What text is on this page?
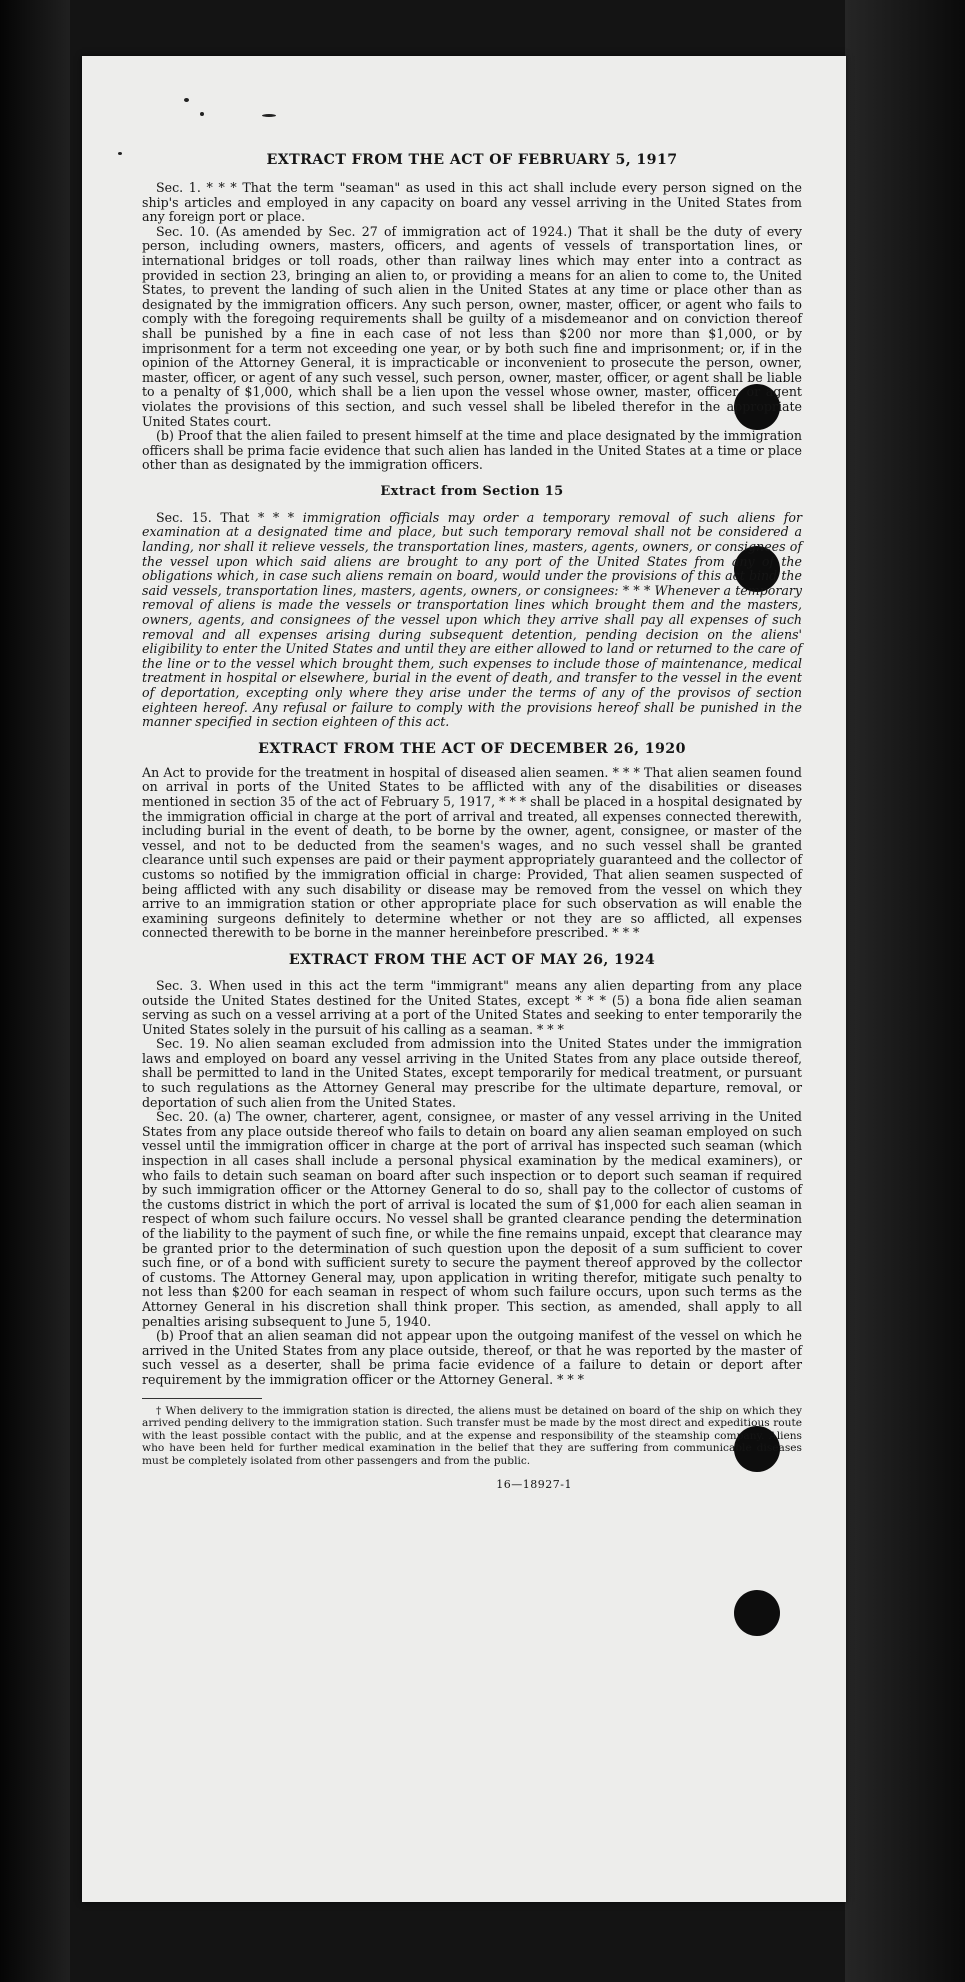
EXTRACT FROM THE ACT OF FEBRUARY 5, 1917

Sec. 1. * * * That the term "seaman" as used in this act shall include every person signed on the ship's articles and employed in any capacity on board any vessel arriving in the United States from any foreign port or place.

Sec. 10. (As amended by Sec. 27 of immigration act of 1924.) That it shall be the duty of every person, including owners, masters, officers, and agents of vessels of transportation lines, or international bridges or toll roads, other than railway lines which may enter into a contract as provided in section 23, bringing an alien to, or providing a means for an alien to come to, the United States, to prevent the landing of such alien in the United States at any time or place other than as designated by the immigration officers. Any such person, owner, master, officer, or agent who fails to comply with the foregoing requirements shall be guilty of a misdemeanor and on conviction thereof shall be punished by a fine in each case of not less than $200 nor more than $1,000, or by imprisonment for a term not exceeding one year, or by both such fine and imprisonment; or, if in the opinion of the Attorney General, it is impracticable or inconvenient to prosecute the person, owner, master, officer, or agent of any such vessel, such person, owner, master, officer, or agent shall be liable to a penalty of $1,000, which shall be a lien upon the vessel whose owner, master, officer, or agent violates the provisions of this section, and such vessel shall be libeled therefor in the appropriate United States court.

(b) Proof that the alien failed to present himself at the time and place designated by the immigration officers shall be prima facie evidence that such alien has landed in the United States at a time or place other than as designated by the immigration officers.

Extract from Section 15

Sec. 15. That * * * immigration officials may order a temporary removal of such aliens for examination at a designated time and place, but such temporary removal shall not be considered a landing, nor shall it relieve vessels, the transportation lines, masters, agents, owners, or consignees of the vessel upon which said aliens are brought to any port of the United States from any of the obligations which, in case such aliens remain on board, would under the provisions of this act bind the said vessels, transportation lines, masters, agents, owners, or consignees: * * * Whenever a temporary removal of aliens is made the vessels or transportation lines which brought them and the masters, owners, agents, and consignees of the vessel upon which they arrive shall pay all expenses of such removal and all expenses arising during subsequent detention, pending decision on the aliens' eligibility to enter the United States and until they are either allowed to land or returned to the care of the line or to the vessel which brought them, such expenses to include those of maintenance, medical treatment in hospital or elsewhere, burial in the event of death, and transfer to the vessel in the event of deportation, excepting only where they arise under the terms of any of the provisos of section eighteen hereof. Any refusal or failure to comply with the provisions hereof shall be punished in the manner specified in section eighteen of this act.

EXTRACT FROM THE ACT OF DECEMBER 26, 1920

An Act to provide for the treatment in hospital of diseased alien seamen. * * * That alien seamen found on arrival in ports of the United States to be afflicted with any of the disabilities or diseases mentioned in section 35 of the act of February 5, 1917, * * * shall be placed in a hospital designated by the immigration official in charge at the port of arrival and treated, all expenses connected therewith, including burial in the event of death, to be borne by the owner, agent, consignee, or master of the vessel, and not to be deducted from the seamen's wages, and no such vessel shall be granted clearance until such expenses are paid or their payment appropriately guaranteed and the collector of customs so notified by the immigration official in charge: Provided, That alien seamen suspected of being afflicted with any such disability or disease may be removed from the vessel on which they arrive to an immigration station or other appropriate place for such observation as will enable the examining surgeons definitely to determine whether or not they are so afflicted, all expenses connected therewith to be borne in the manner hereinbefore prescribed. * * *

EXTRACT FROM THE ACT OF MAY 26, 1924

Sec. 3. When used in this act the term "immigrant" means any alien departing from any place outside the United States destined for the United States, except * * * (5) a bona fide alien seaman serving as such on a vessel arriving at a port of the United States and seeking to enter temporarily the United States solely in the pursuit of his calling as a seaman. * * *

Sec. 19. No alien seaman excluded from admission into the United States under the immigration laws and employed on board any vessel arriving in the United States from any place outside thereof, shall be permitted to land in the United States, except temporarily for medical treatment, or pursuant to such regulations as the Attorney General may prescribe for the ultimate departure, removal, or deportation of such alien from the United States.

Sec. 20. (a) The owner, charterer, agent, consignee, or master of any vessel arriving in the United States from any place outside thereof who fails to detain on board any alien seaman employed on such vessel until the immigration officer in charge at the port of arrival has inspected such seaman (which inspection in all cases shall include a personal physical examination by the medical examiners), or who fails to detain such seaman on board after such inspection or to deport such seaman if required by such immigration officer or the Attorney General to do so, shall pay to the collector of customs of the customs district in which the port of arrival is located the sum of $1,000 for each alien seaman in respect of whom such failure occurs. No vessel shall be granted clearance pending the determination of the liability to the payment of such fine, or while the fine remains unpaid, except that clearance may be granted prior to the determination of such question upon the deposit of a sum sufficient to cover such fine, or of a bond with sufficient surety to secure the payment thereof approved by the collector of customs. The Attorney General may, upon application in writing therefor, mitigate such penalty to not less than $200 for each seaman in respect of whom such failure occurs, upon such terms as the Attorney General in his discretion shall think proper. This section, as amended, shall apply to all penalties arising subsequent to June 5, 1940.

(b) Proof that an alien seaman did not appear upon the outgoing manifest of the vessel on which he arrived in the United States from any place outside, thereof, or that he was reported by the master of such vessel as a deserter, shall be prima facie evidence of a failure to detain or deport after requirement by the immigration officer or the Attorney General. * * *

† When delivery to the immigration station is directed, the aliens must be detained on board of the ship on which they arrived pending delivery to the immigration station. Such transfer must be made by the most direct and expeditious route with the least possible contact with the public, and at the expense and responsibility of the steamship company. Aliens who have been held for further medical examination in the belief that they are suffering from communicable diseases must be completely isolated from other passengers and from the public.

16—18927-1
